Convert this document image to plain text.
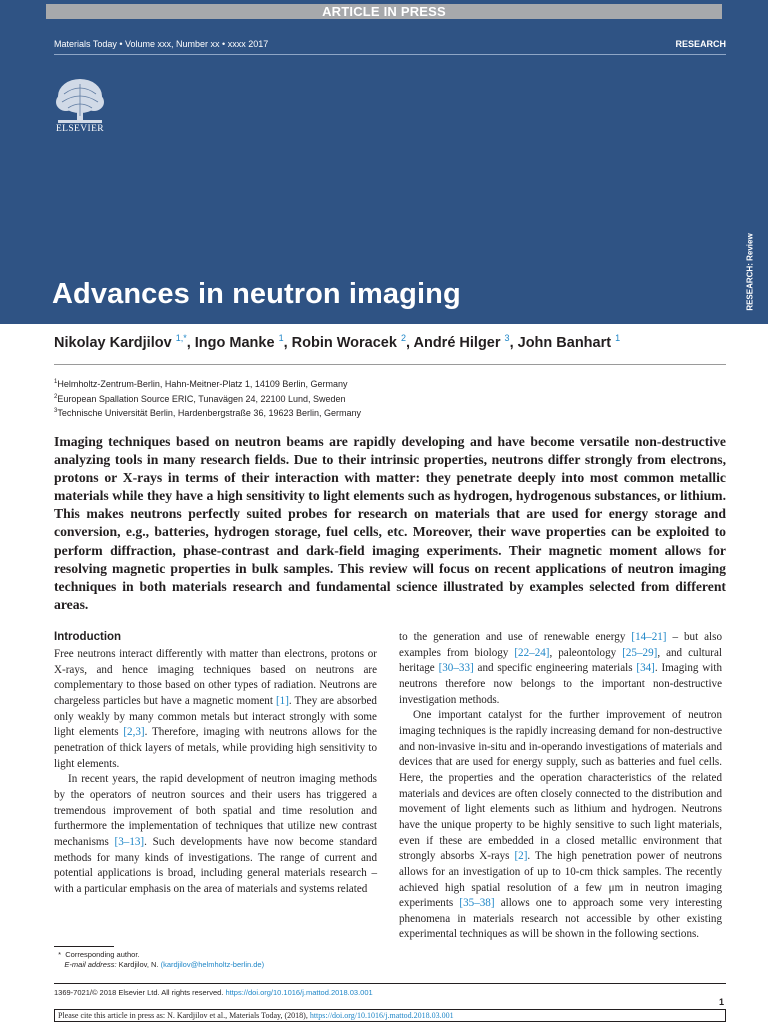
ARTICLE IN PRESS
Materials Today • Volume xxx, Number xx • xxxx 2017	RESEARCH
ELSEVIER
RESEARCH: Review
Advances in neutron imaging
Nikolay Kardjilov $^{1,*}$, Ingo Manke $^1$, Robin Woracek $^2$, André Hilger $^3$, John Banhart $^1$
$^1$Helmholtz-Zentrum-Berlin, Hahn-Meitner-Platz 1, 14109 Berlin, Germany
$^2$European Spallation Source ERIC, Tunavägen 24, 22100 Lund, Sweden
$^3$Technische Universität Berlin, Hardenbergstraße 36, 19623 Berlin, Germany

Imaging techniques based on neutron beams are rapidly developing and have become versatile non-destructive analyzing tools in many research fields. Due to their intrinsic properties, neutrons differ strongly from electrons, protons or X-rays in terms of their interaction with matter: they penetrate deeply into most common metallic materials while they have a high sensitivity to light elements such as hydrogen, hydrogenous substances, or lithium. This makes neutrons perfectly suited probes for research on materials that are used for energy storage and conversion, e.g., batteries, hydrogen storage, fuel cells, etc. Moreover, their wave properties can be exploited to perform diffraction, phase-contrast and dark-field imaging experiments. Their magnetic moment allows for resolving magnetic properties in bulk samples. This review will focus on recent applications of neutron imaging techniques in both materials research and fundamental science illustrated by examples selected from different areas.

Introduction

Free neutrons interact differently with matter than electrons, protons or X-rays, and hence imaging techniques based on neutrons are complementary to those based on other types of radiation. Neutrons are chargeless particles but have a magnetic moment [1]. They are absorbed only weakly by many common metals but interact strongly with some light elements [2,3]. Therefore, imaging with neutrons allows for the penetration of thick layers of metals, while providing high sensitivity to light elements.

In recent years, the rapid development of neutron imaging methods by the operators of neutron sources and their users has triggered a tremendous improvement of both spatial and time resolution and furthermore the implementation of techniques that utilize new contrast mechanisms [3–13]. Such developments have now become standard methods for many kinds of investigations. The range of current and potential applications is broad, including general materials research – with a particular emphasis on the area of materials and systems related

to the generation and use of renewable energy [14–21] – but also examples from biology [22–24], paleontology [25–29], and cultural heritage [30–33] and specific engineering materials [34]. Imaging with neutrons therefore now belongs to the important non-destructive investigation methods.

One important catalyst for the further improvement of neutron imaging techniques is the rapidly increasing demand for non-destructive and non-invasive in-situ and in-operando investigations of materials and devices that are used for energy supply, such as batteries and fuel cells. Here, the properties and the operation characteristics of the related materials and devices are often closely connected to the distribution and movement of light elements such as lithium and hydrogen. Neutrons have the unique property to be highly sensitive to such light materials, even if these are embedded in a closed metallic environment that strongly absorbs X-rays [2]. The high penetration power of neutrons allows for an investigation of up to 10-cm thick samples. The recently achieved high spatial resolution of a few μm in neutron imaging experiments [35–38] allows one to approach some very interesting phenomena in materials research not accessible by other existing experimental techniques as will be shown in the following sections.

*  Corresponding author.
E-mail address: Kardjilov, N. (kardjilov@helmholtz-berlin.de)
1369-7021/© 2018 Elsevier Ltd. All rights reserved. https://doi.org/10.1016/j.mattod.2018.03.001
1
Please cite this article in press as: N. Kardjilov et al., Materials Today, (2018), https://doi.org/10.1016/j.mattod.2018.03.001
